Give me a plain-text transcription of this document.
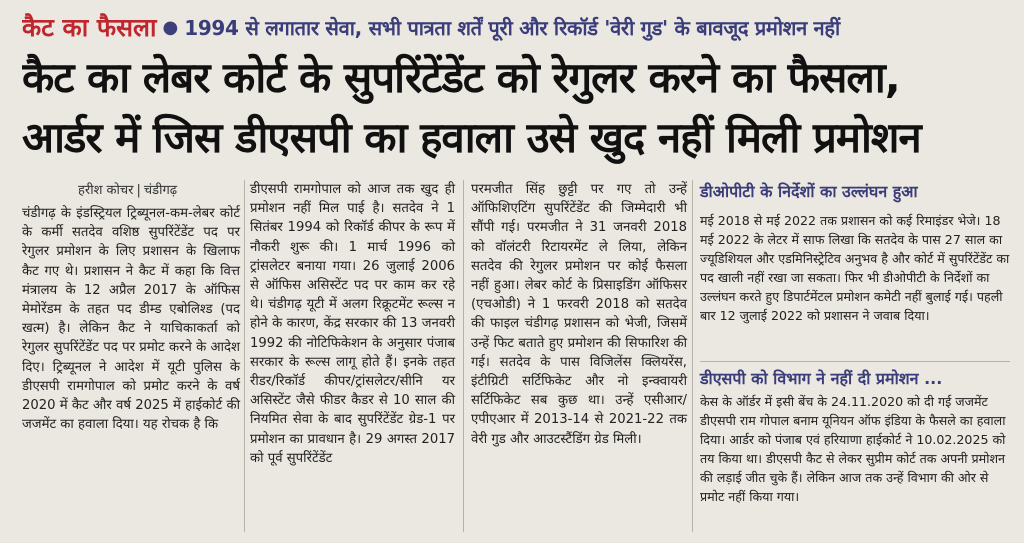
कैट का फैसला ● 1994 से लगातार सेवा, सभी पात्रता शर्तें पूरी और रिकॉर्ड 'वेरी गुड' के बावजूद प्रमोशन नहीं
कैट का लेबर कोर्ट के सुपरिंटेंडेंट को रेगुलर करने का फैसला,
आर्डर में जिस डीएसपी का हवाला उसे खुद नहीं मिली प्रमोशन
हरीश कोचर | चंडीगढ़
चंडीगढ़ के इंडस्ट्रियल ट्रिब्यूनल-कम-लेबर कोर्ट के कर्मी सतदेव वशिष्ठ सुपरिंटेंडेंट पद पर रेगुलर प्रमोशन के लिए प्रशासन के खिलाफ कैट गए थे। प्रशासन ने कैट में कहा कि वित्त मंत्रालय के 12 अप्रैल 2017 के ऑफिस मेमोरेंडम के तहत पद डीम्ड एबोलिश्ड (पद खत्म) है। लेकिन कैट ने याचिकाकर्ता को रेगुलर सुपरिंटेंडेंट पद पर प्रमोट करने के आदेश दिए। ट्रिब्यूनल ने आदेश में यूटी पुलिस के डीएसपी रामगोपाल को प्रमोट करने के वर्ष 2020 में कैट और वर्ष 2025 में हाईकोर्ट की जजमेंट का हवाला दिया। यह रोचक है कि
डीएसपी रामगोपाल को आज तक खुद ही प्रमोशन नहीं मिल पाई है। सतदेव ने 1 सितंबर 1994 को रिकॉर्ड कीपर के रूप में नौकरी शुरू की। 1 मार्च 1996 को ट्रांसलेटर बनाया गया। 26 जुलाई 2006 से ऑफिस असिस्टेंट पद पर काम कर रहे थे। चंडीगढ़ यूटी में अलग रिक्रूटमेंट रूल्स न होने के कारण, केंद्र सरकार की 13 जनवरी 1992 की नोटिफिकेशन के अनुसार पंजाब सरकार के रूल्स लागू होते हैं। इनके तहत रीडर/रिकॉर्ड कीपर/ट्रांसलेटर/सीनि यर असिस्टेंट जैसे फीडर कैडर से 10 साल की नियमित सेवा के बाद सुपरिंटेंडेंट ग्रेड-1 पर प्रमोशन का प्रावधान है। 29 अगस्त 2017 को पूर्व सुपरिंटेंडेंट
परमजीत सिंह छुट्टी पर गए तो उन्हें ऑफिशिएटिंग सुपरिंटेंडेंट की जिम्मेदारी भी सौंपी गई। परमजीत ने 31 जनवरी 2018 को वॉलंटरी रिटायरमेंट ले लिया, लेकिन सतदेव की रेगुलर प्रमोशन पर कोई फैसला नहीं हुआ। लेबर कोर्ट के प्रिसाइडिंग ऑफिसर (एचओडी) ने 1 फरवरी 2018 को सतदेव की फाइल चंडीगढ़ प्रशासन को भेजी, जिसमें उन्हें फिट बताते हुए प्रमोशन की सिफारिश की गई। सतदेव के पास विजिलेंस क्लियरेंस, इंटीग्रिटी सर्टिफिकेट और नो इन्क्वायरी सर्टिफिकेट सब कुछ था। उन्हें एसीआर/एपीएआर में 2013-14 से 2021-22 तक वेरी गुड और आउटस्टैंडिंग ग्रेड मिली।
डीओपीटी के निर्देशों का उल्लंघन हुआ
मई 2018 से मई 2022 तक प्रशासन को कई रिमाइंडर भेजे। 18 मई 2022 के लेटर में साफ लिखा कि सतदेव के पास 27 साल का ज्यूडिशियल और एडमिनिस्ट्रेटिव अनुभव है और कोर्ट में सुपरिंटेंडेंट का पद खाली नहीं रखा जा सकता। फिर भी डीओपीटी के निर्देशों का उल्लंघन करते हुए डिपार्टमेंटल प्रमोशन कमेटी नहीं बुलाई गई। पहली बार 12 जुलाई 2022 को प्रशासन ने जवाब दिया।
डीएसपी को विभाग ने नहीं दी प्रमोशन ...
केस के ऑर्डर में इसी बेंच के 24.11.2020 को दी गई जजमेंट डीएसपी राम गोपाल बनाम यूनियन ऑफ इंडिया के फैसले का हवाला दिया। आर्डर को पंजाब एवं हरियाणा हाईकोर्ट ने 10.02.2025 को तय किया था। डीएसपी कैट से लेकर सुप्रीम कोर्ट तक अपनी प्रमोशन की लड़ाई जीत चुके हैं। लेकिन आज तक उन्हें विभाग की ओर से प्रमोट नहीं किया गया।
